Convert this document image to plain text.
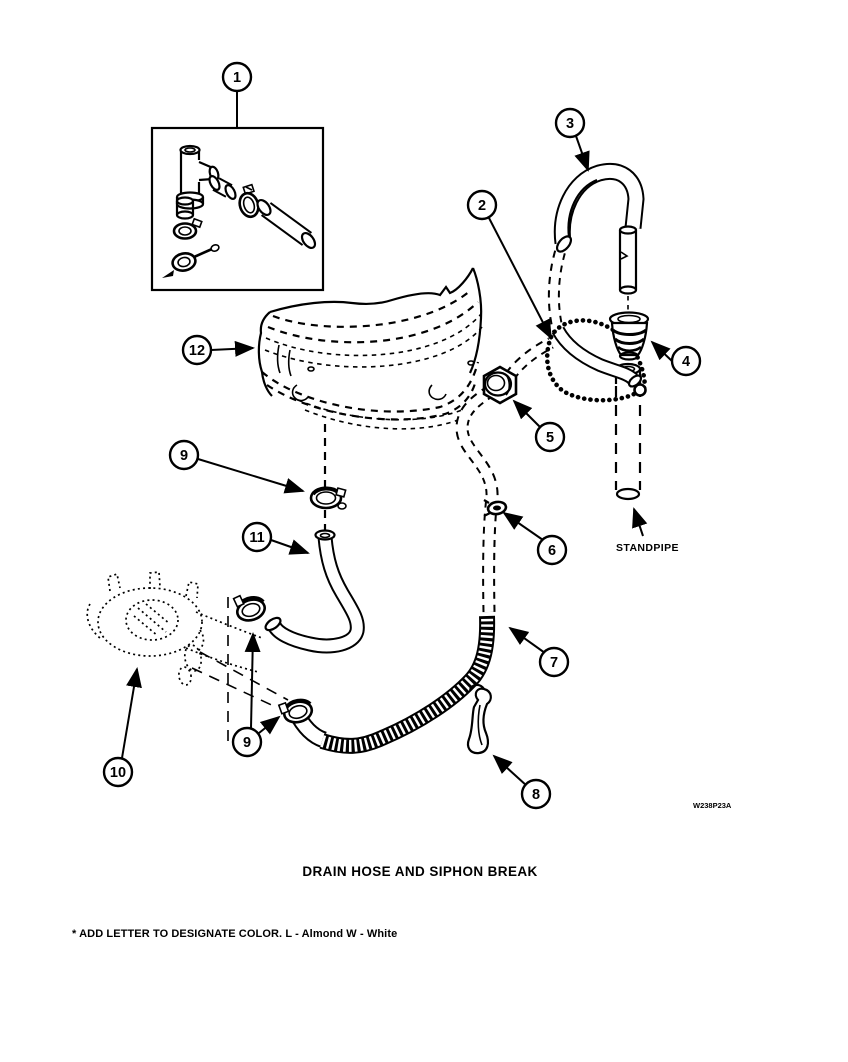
1
2
3
4
5
6
7
8
9
9
10
11
12
STANDPIPE
DRAIN HOSE AND SIPHON BREAK
* ADD LETTER TO DESIGNATE COLOR. L - Almond W - White
W238P23A
